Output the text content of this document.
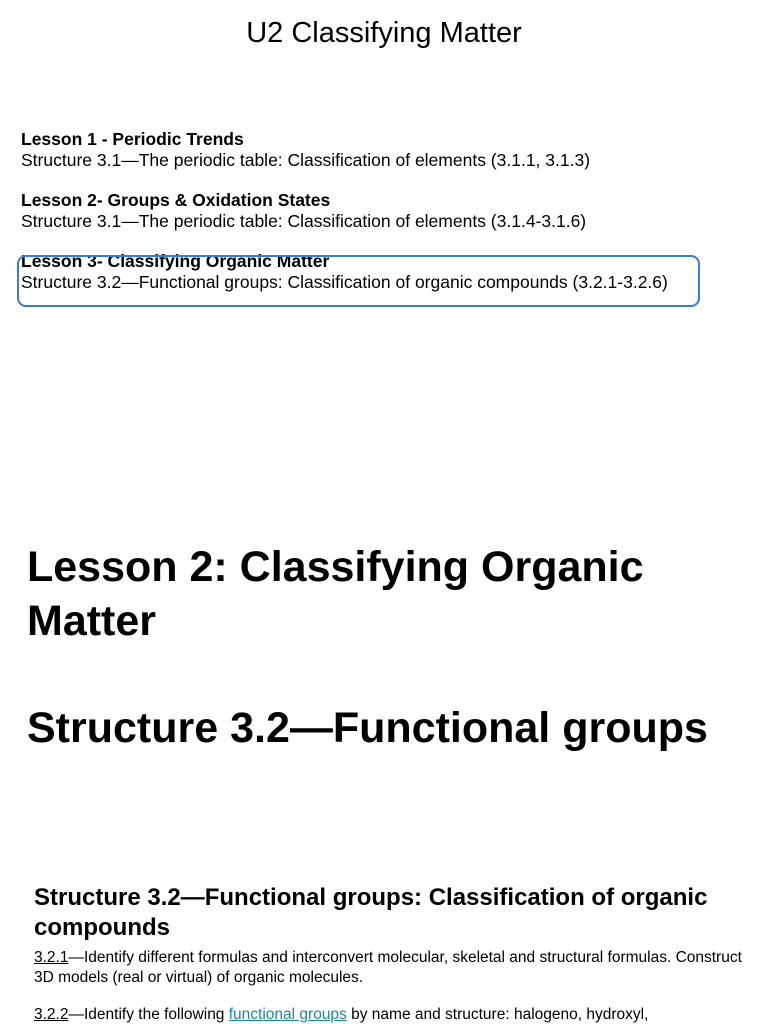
U2 Classifying Matter
Lesson 1 - Periodic Trends
Structure 3.1—The periodic table: Classification of elements (3.1.1, 3.1.3)
Lesson 2- Groups & Oxidation States
Structure 3.1—The periodic table: Classification of elements (3.1.4-3.1.6)
Lesson 3- Classifying Organic Matter
Structure 3.2—Functional groups: Classification of organic compounds (3.2.1-3.2.6)
Lesson 2: Classifying Organic Matter
Structure 3.2—Functional groups
Structure 3.2—Functional groups: Classification of organic compounds
3.2.1—Identify different formulas and interconvert molecular, skeletal and structural formulas. Construct 3D models (real or virtual) of organic molecules.
3.2.2—Identify the following functional groups by name and structure: halogeno, hydroxyl,
